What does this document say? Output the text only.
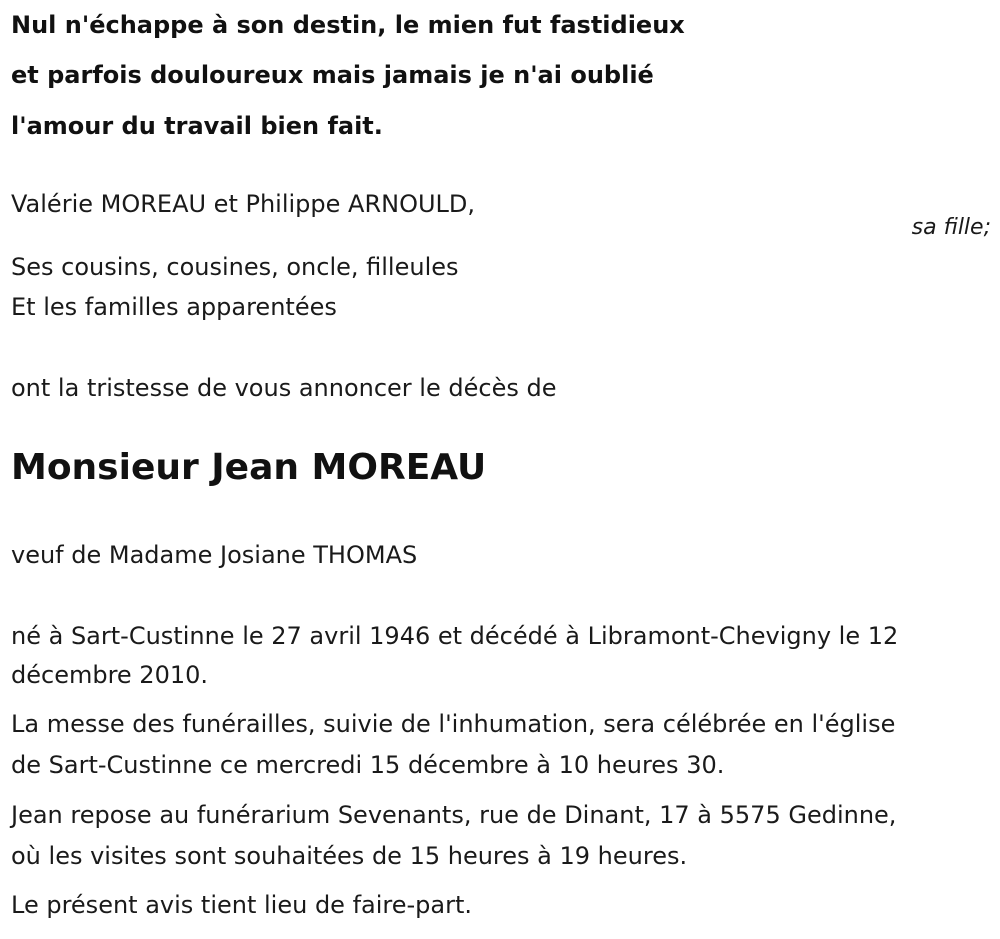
Nul n'échappe à son destin, le mien fut fastidieux
et parfois douloureux mais jamais je n'ai oublié
l'amour du travail bien fait.
Valérie MOREAU et Philippe ARNOULD,
sa fille;
Ses cousins, cousines, oncle, filleules
Et les familles apparentées
ont la tristesse de vous annoncer le décès de
Monsieur Jean MOREAU
veuf de Madame Josiane THOMAS
né à Sart-Custinne le 27 avril 1946 et décédé à Libramont-Chevigny le 12
décembre 2010.
La messe des funérailles, suivie de l'inhumation, sera célébrée en l'église
de Sart-Custinne ce mercredi 15 décembre à 10 heures 30.
Jean repose au funérarium Sevenants, rue de Dinant, 17 à 5575 Gedinne,
où les visites sont souhaitées de 15 heures à 19 heures.
Le présent avis tient lieu de faire-part.
